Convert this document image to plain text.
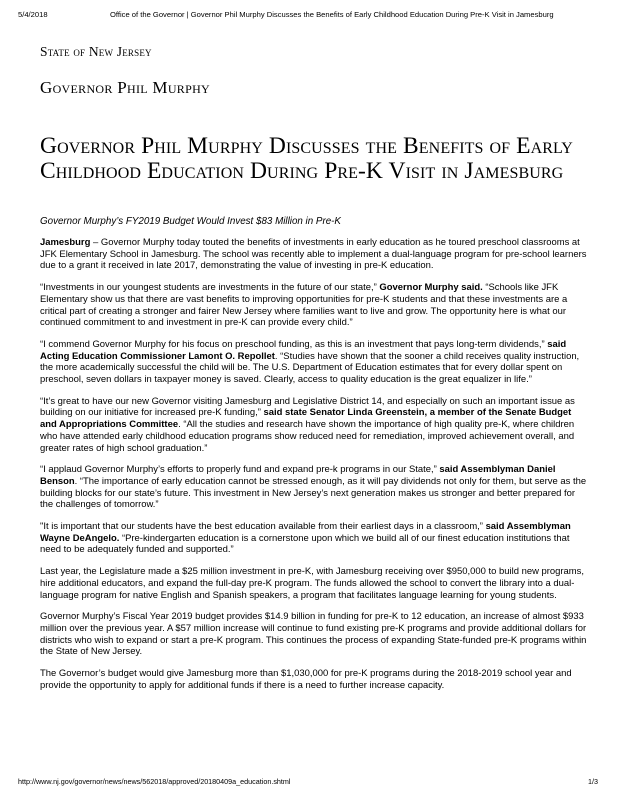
5/4/2018	Office of the Governor | Governor Phil Murphy Discusses the Benefits of Early Childhood Education During Pre-K Visit in Jamesburg
State of New Jersey
Governor Phil Murphy
Governor Phil Murphy Discusses the Benefits of Early Childhood Education During Pre-K Visit in Jamesburg
Governor Murphy’s FY2019 Budget Would Invest $83 Million in Pre-K

Jamesburg – Governor Murphy today touted the benefits of investments in early education as he toured preschool classrooms at JFK Elementary School in Jamesburg. The school was recently able to implement a dual-language program for pre-school learners due to a grant it received in late 2017, demonstrating the value of investing in pre-K education.

“Investments in our youngest students are investments in the future of our state,” Governor Murphy said. “Schools like JFK Elementary show us that there are vast benefits to improving opportunities for pre-K students and that these investments are a critical part of creating a stronger and fairer New Jersey where families want to live and grow. The opportunity here is what our continued commitment to and investment in pre-K can provide every child.”

“I commend Governor Murphy for his focus on preschool funding, as this is an investment that pays long-term dividends,” said Acting Education Commissioner Lamont O. Repollet. “Studies have shown that the sooner a child receives quality instruction, the more academically successful the child will be. The U.S. Department of Education estimates that for every dollar spent on preschool, seven dollars in taxpayer money is saved. Clearly, access to quality education is the great equalizer in life.”

“It’s great to have our new Governor visiting Jamesburg and Legislative District 14, and especially on such an important issue as building on our initiative for increased pre-K funding,” said state Senator Linda Greenstein, a member of the Senate Budget and Appropriations Committee. “All the studies and research have shown the importance of high quality pre-K, where children who have attended early childhood education programs show reduced need for remediation, improved achievement overall, and greater rates of high school graduation.”

“I applaud Governor Murphy’s efforts to properly fund and expand pre-k programs in our State,” said Assemblyman Daniel Benson. “The importance of early education cannot be stressed enough, as it will pay dividends not only for them, but serve as the building blocks for our state’s future. This investment in New Jersey’s next generation makes us stronger and better prepared for the challenges of tomorrow.”

"It is important that our students have the best education available from their earliest days in a classroom,” said Assemblyman Wayne DeAngelo. “Pre-kindergarten education is a cornerstone upon which we build all of our finest education institutions that need to be adequately funded and supported.”

Last year, the Legislature made a $25 million investment in pre-K, with Jamesburg receiving over $950,000 to build new programs, hire additional educators, and expand the full-day pre-K program. The funds allowed the school to convert the library into a dual-language program for native English and Spanish speakers, a program that facilitates language learning for young students.

Governor Murphy’s Fiscal Year 2019 budget provides $14.9 billion in funding for pre-K to 12 education, an increase of almost $933 million over the previous year. A $57 million increase will continue to fund existing pre-K programs and provide additional dollars for districts who wish to expand or start a pre-K program. This continues the process of expanding State-funded pre-K programs within the State of New Jersey.

The Governor’s budget would give Jamesburg more than $1,030,000 for pre-K programs during the 2018-2019 school year and provide the opportunity to apply for additional funds if there is a need to further increase capacity.

http://www.nj.gov/governor/news/news/562018/approved/20180409a_education.shtml	1/3
